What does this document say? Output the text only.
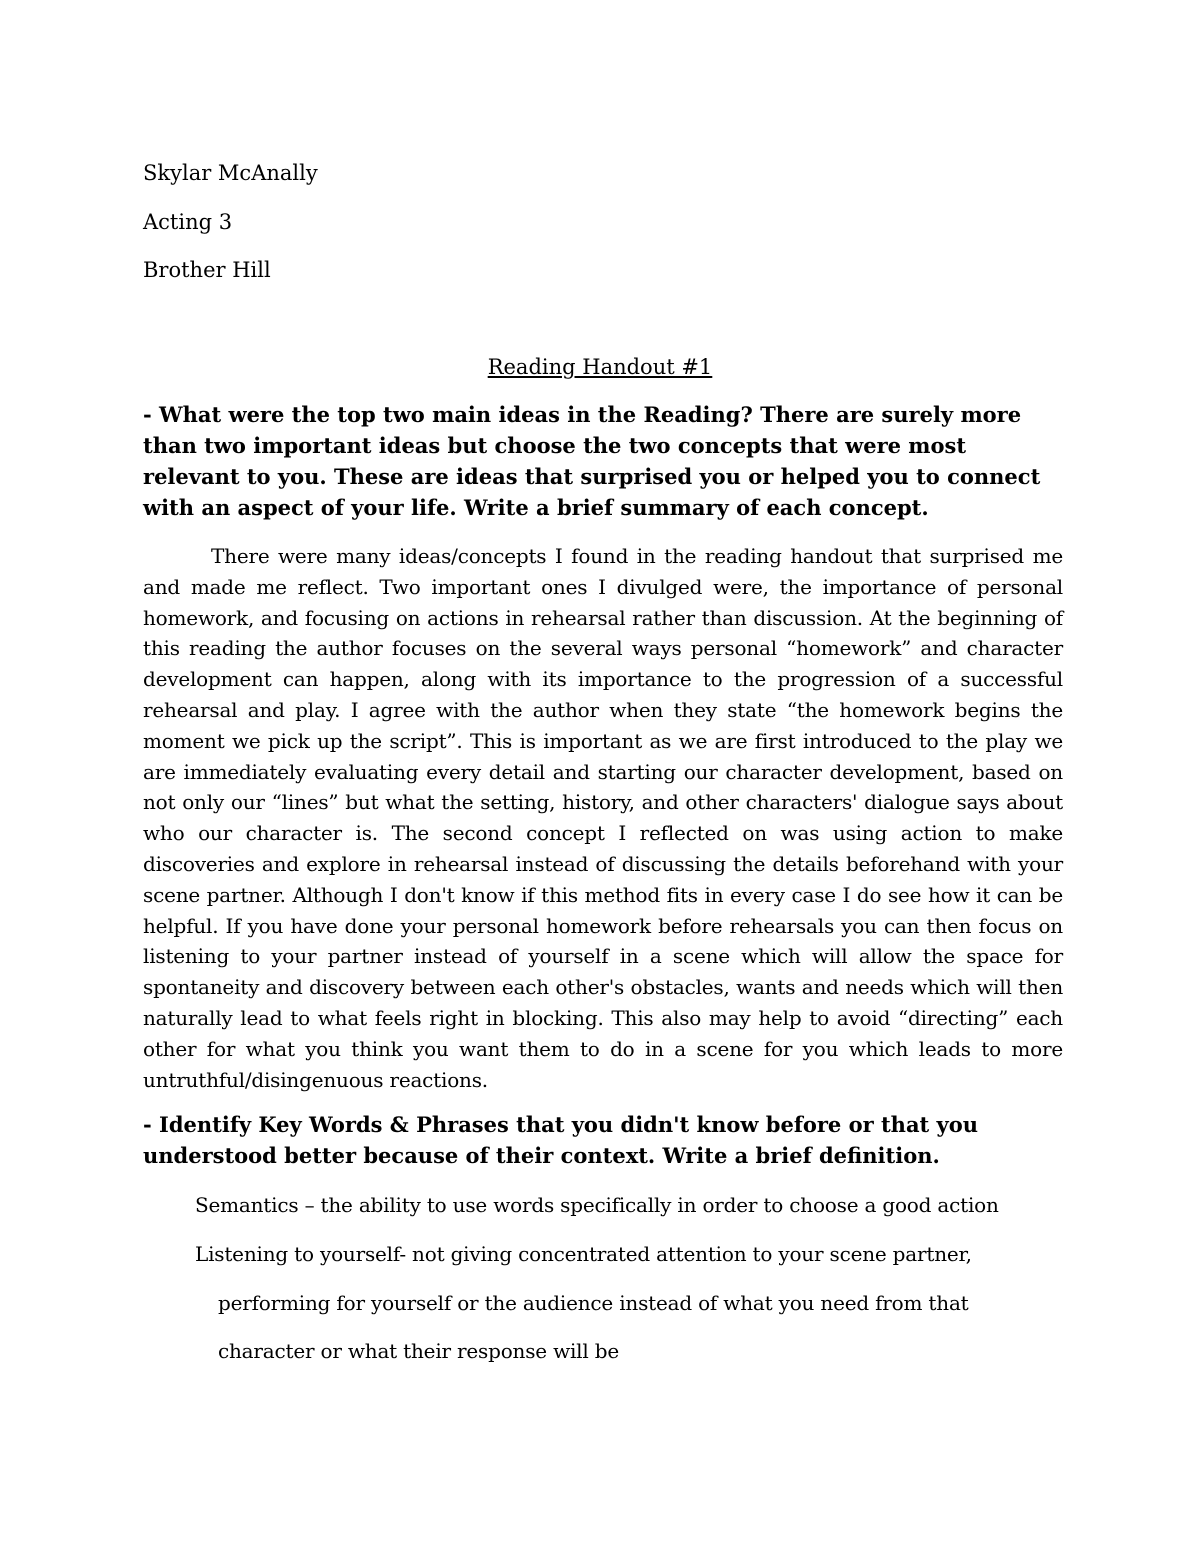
Skylar McAnally

Acting 3

Brother Hill

Reading Handout #1

- What were the top two main ideas in the Reading? There are surely more than two important ideas but choose the two concepts that were most relevant to you. These are ideas that surprised you or helped you to connect with an aspect of your life. Write a brief summary of each concept.

There were many ideas/concepts I found in the reading handout that surprised me and made me reflect. Two important ones I divulged were, the importance of personal homework, and focusing on actions in rehearsal rather than discussion. At the beginning of this reading the author focuses on the several ways personal “homework” and character development can happen, along with its importance to the progression of a successful rehearsal and play. I agree with the author when they state “the homework begins the moment we pick up the script”. This is important as we are first introduced to the play we are immediately evaluating every detail and starting our character development, based on not only our “lines” but what the setting, history, and other characters' dialogue says about who our character is. The second concept I reflected on was using action to make discoveries and explore in rehearsal instead of discussing the details beforehand with your scene partner. Although I don't know if this method fits in every case I do see how it can be helpful. If you have done your personal homework before rehearsals you can then focus on listening to your partner instead of yourself in a scene which will allow the space for spontaneity and discovery between each other's obstacles, wants and needs which will then naturally lead to what feels right in blocking. This also may help to avoid “directing” each other for what you think you want them to do in a scene for you which leads to more untruthful/disingenuous reactions.

- Identify Key Words & Phrases that you didn't know before or that you understood better because of their context. Write a brief definition.

Semantics – the ability to use words specifically in order to choose a good action

Listening to yourself- not giving concentrated attention to your scene partner,

performing for yourself or the audience instead of what you need from that

character or what their response will be
